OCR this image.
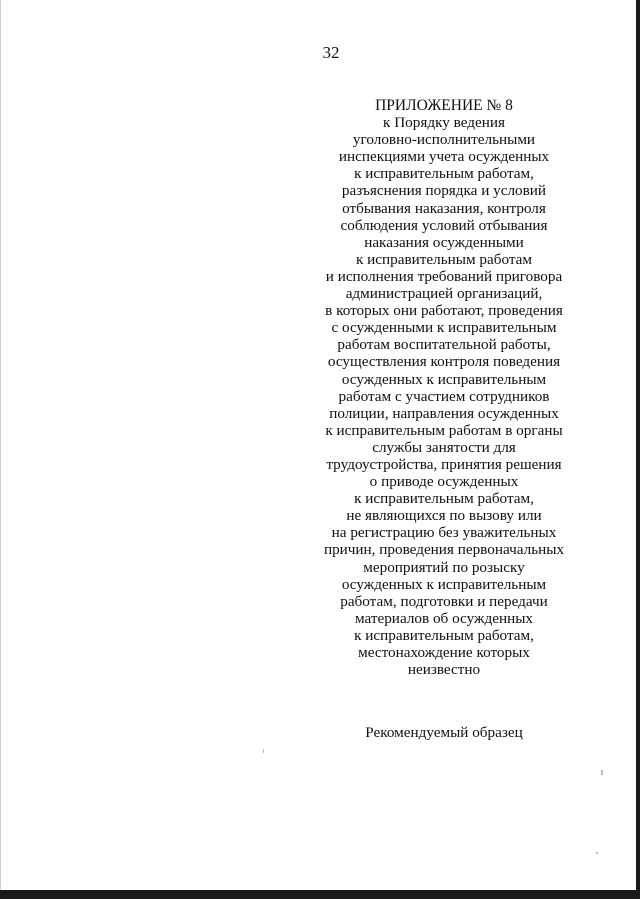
32
ПРИЛОЖЕНИЕ № 8
к Порядку ведения
уголовно-исполнительными
инспекциями учета осужденных
к исправительным работам,
разъяснения порядка и условий
отбывания наказания, контроля
соблюдения условий отбывания
наказания осужденными
к исправительным работам
и исполнения требований приговора
администрацией организаций,
в которых они работают, проведения
с осужденными к исправительным
работам воспитательной работы,
осуществления контроля поведения
осужденных к исправительным
работам с участием сотрудников
полиции, направления осужденных
к исправительным работам в органы
службы занятости для
трудоустройства, принятия решения
о приводе осужденных
к исправительным работам,
не являющихся по вызову или
на регистрацию без уважительных
причин, проведения первоначальных
мероприятий по розыску
осужденных к исправительным
работам, подготовки и передачи
материалов об осужденных
к исправительным работам,
местонахождение которых
неизвестно
Рекомендуемый образец
